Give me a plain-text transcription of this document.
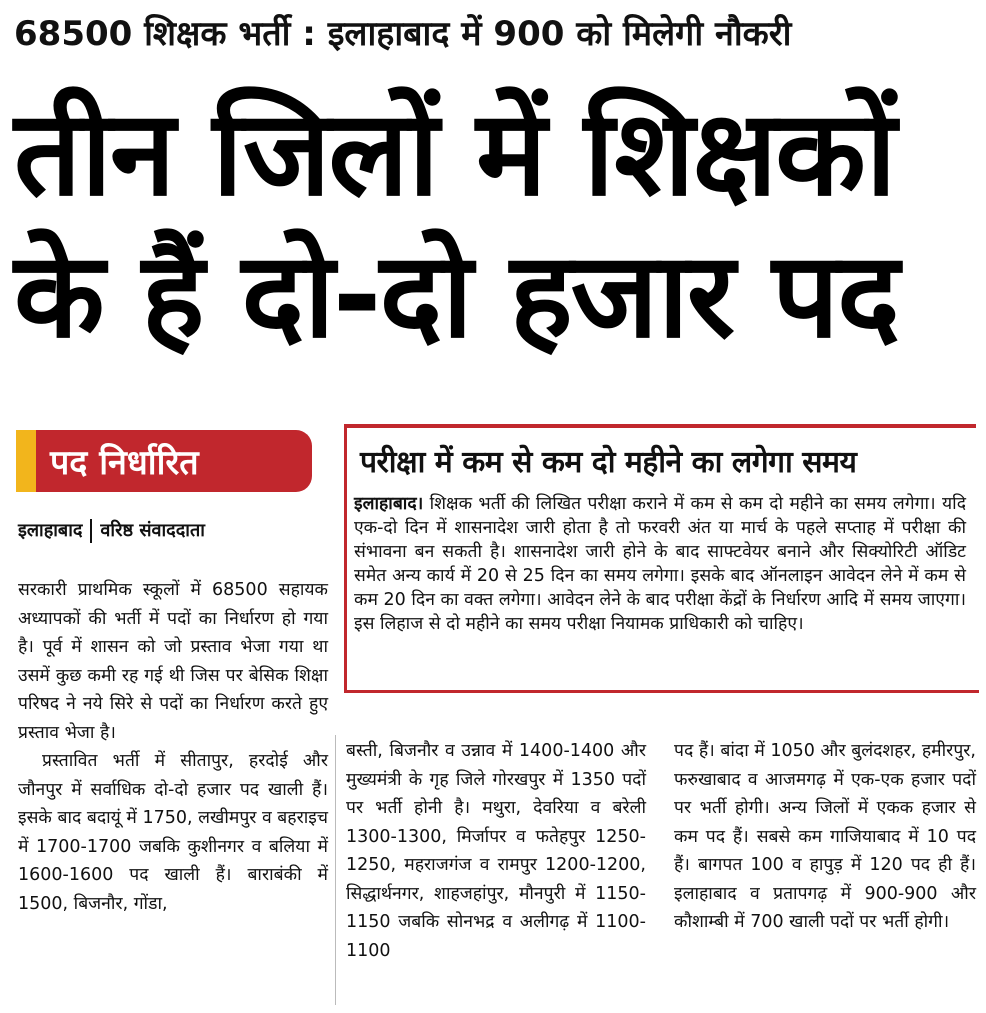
68500 शिक्षक भर्ती : इलाहाबाद में 900 को मिलेगी नौकरी
तीन जिलों में शिक्षकों
के हैं दो-दो हजार पद
पद निर्धारित
इलाहाबाद वरिष्ठ संवाददाता

सरकारी प्राथमिक स्कूलों में 68500 सहायक अध्यापकों की भर्ती में पदों का निर्धारण हो गया है। पूर्व में शासन को जो प्रस्ताव भेजा गया था उसमें कुछ कमी रह गई थी जिस पर बेसिक शिक्षा परिषद ने नये सिरे से पदों का निर्धारण करते हुए प्रस्ताव भेजा है।

प्रस्तावित भर्ती में सीतापुर, हरदोई और जौनपुर में सर्वाधिक दो-दो हजार पद खाली हैं। इसके बाद बदायूं में 1750, लखीमपुर व बहराइच में 1700-1700 जबकि कुशीनगर व बलिया में 1600-1600 पद खाली हैं। बाराबंकी में 1500, बिजनौर, गोंडा,

बस्ती, बिजनौर व उन्नाव में 1400-1400 और मुख्यमंत्री के गृह जिले गोरखपुर में 1350 पदों पर भर्ती होनी है। मथुरा, देवरिया व बरेली 1300-1300, मिर्जापर व फतेहपुर 1250-1250, महराजगंज व रामपुर 1200-1200, सिद्धार्थनगर, शाहजहांपुर, मौनपुरी में 1150-1150 जबकि सोनभद्र व अलीगढ़ में 1100-1100

पद हैं। बांदा में 1050 और बुलंदशहर, हमीरपुर, फरुखाबाद व आजमगढ़ में एक-एक हजार पदों पर भर्ती होगी। अन्य जिलों में एकक हजार से कम पद हैं। सबसे कम गाजियाबाद में 10 पद हैं। बागपत 100 व हापुड़ में 120 पद ही हैं। इलाहाबाद व प्रतापगढ़ में 900-900 और कौशाम्बी में 700 खाली पदों पर भर्ती होगी।

परीक्षा में कम से कम दो महीने का लगेगा समय
इलाहाबाद। शिक्षक भर्ती की लिखित परीक्षा कराने में कम से कम दो महीने का समय लगेगा। यदि एक-दो दिन में शासनादेश जारी होता है तो फरवरी अंत या मार्च के पहले सप्ताह में परीक्षा की संभावना बन सकती है। शासनादेश जारी होने के बाद साफ्टवेयर बनाने और सिक्योरिटी ऑडिट समेत अन्य कार्य में 20 से 25 दिन का समय लगेगा। इसके बाद ऑनलाइन आवेदन लेने में कम से कम 20 दिन का वक्त लगेगा। आवेदन लेने के बाद परीक्षा केंद्रों के निर्धारण आदि में समय जाएगा। इस लिहाज से दो महीने का समय परीक्षा नियामक प्राधिकारी को चाहिए।
